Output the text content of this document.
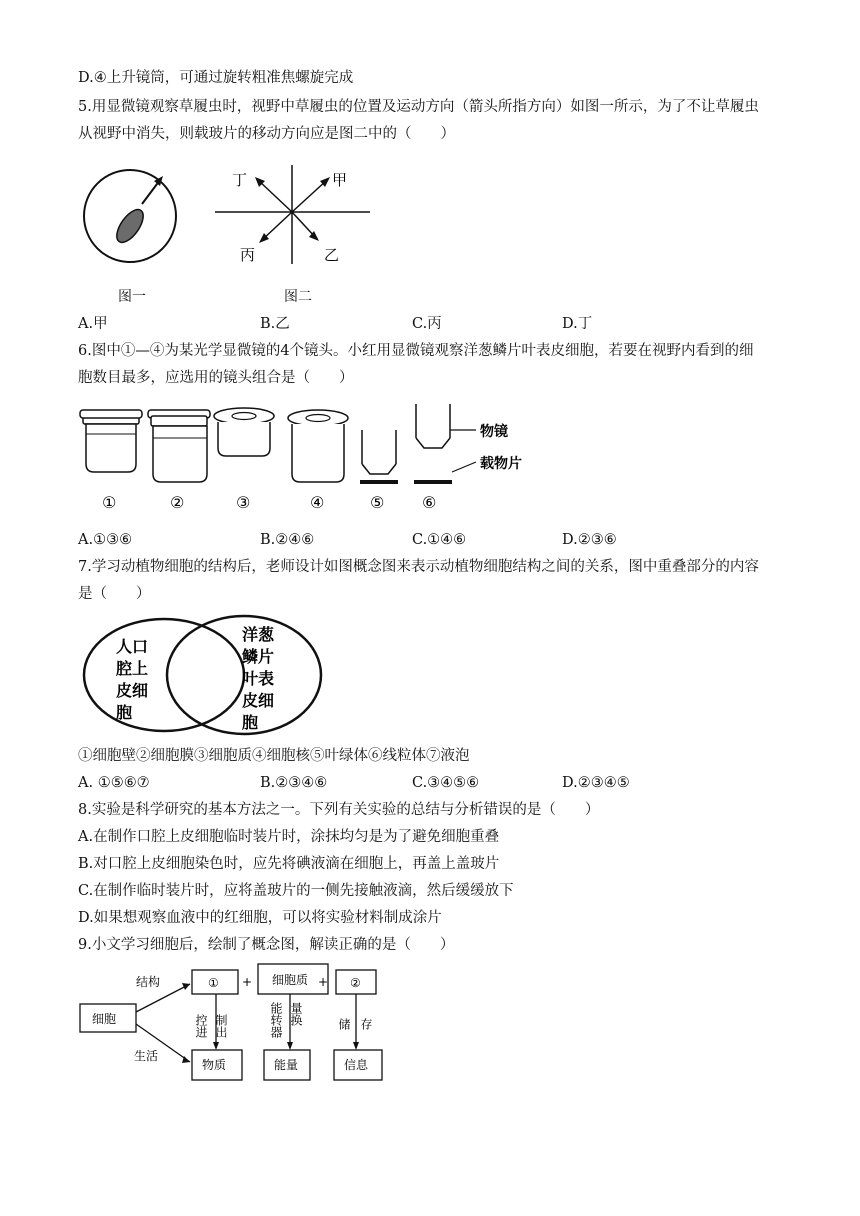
D.④上升镜筒，可通过旋转粗准焦螺旋完成
5.用显微镜观察草履虫时，视野中草履虫的位置及运动方向（箭头所指方向）如图一所示，为了不让草履虫
从视野中消失，则载玻片的移动方向应是图二中的（　　）
丁	甲
丙	乙
图一	图二
A.甲	B.乙	C.丙	D.丁
6.图中①—④为某光学显微镜的4个镜头。小红用显微镜观察洋葱鳞片叶表皮细胞，若要在视野内看到的细
胞数目最多，应选用的镜头组合是（　　）
物镜
载物片
①	②	③	④	⑤ ⑥
A.①③⑥	B.②④⑥	C.①④⑥	D.②③⑥
7.学习动植物细胞的结构后，老师设计如图概念图来表示动植物细胞结构之间的关系，图中重叠部分的内容
是（　　）
人口
腔上
皮细
胞
洋葱
鳞片
叶表
皮细
胞
①细胞壁②细胞膜③细胞质④细胞核⑤叶绿体⑥线粒体⑦液泡
A. ①⑤⑥⑦	B.②③④⑥	C.③④⑤⑥	D.②③④⑤
8.实验是科学研究的基本方法之一。下列有关实验的总结与分析错误的是（　　）
A.在制作口腔上皮细胞临时装片时，涂抹均匀是为了避免细胞重叠
B.对口腔上皮细胞染色时，应先将碘液滴在细胞上，再盖上盖玻片
C.在制作临时装片时，应将盖玻片的一侧先接触液滴，然后缓缓放下
D.如果想观察血液中的红细胞，可以将实验材料制成涂片
9.小文学习细胞后，绘制了概念图，解读正确的是（　　）
细胞
结构
生活
①	细胞质	②
+	+
物质	能量	信息
控进 制出	能转器 量换	储 存
